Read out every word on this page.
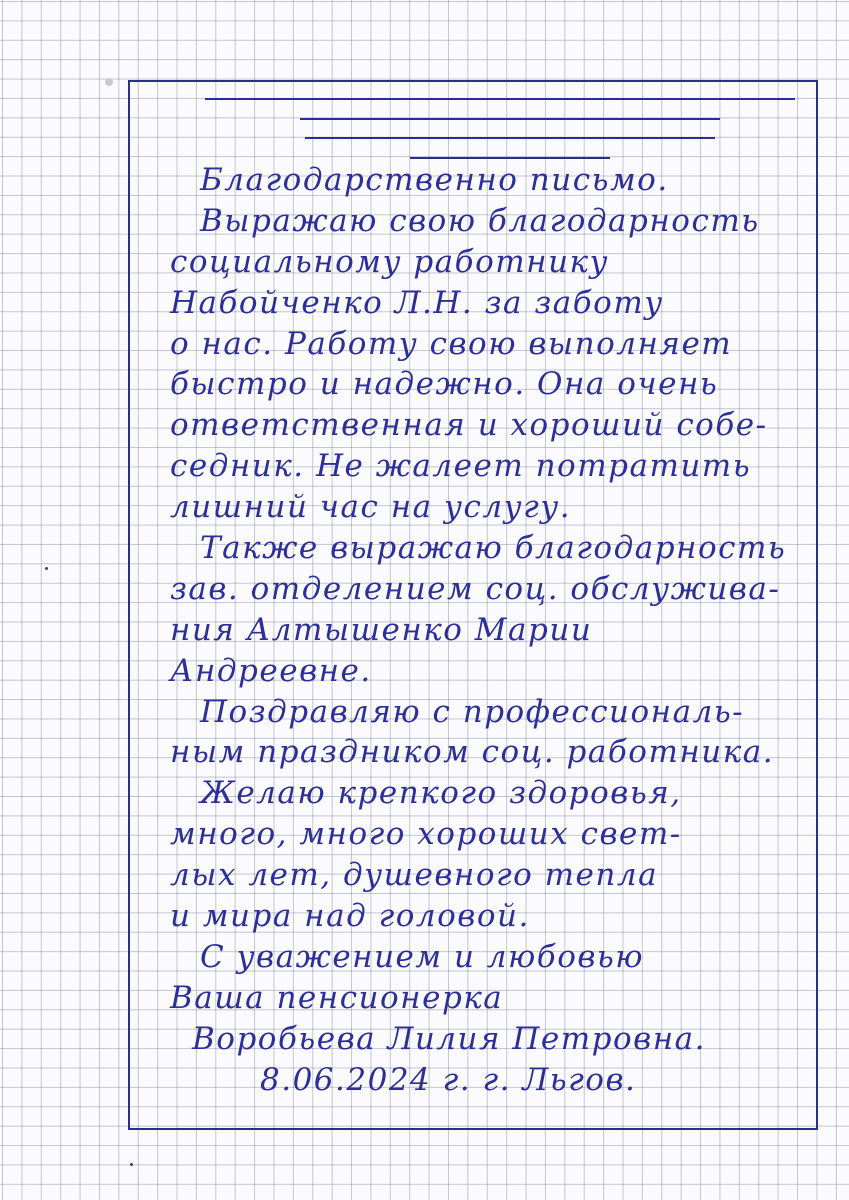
Благодарственно письмо.
Выражаю свою благодарность
социальному работнику
Набойченко Л.Н. за заботу
о нас. Работу свою выполняет
быстро и надежно. Она очень
ответственная и хороший собе-
седник. Не жалеет потратить
лишний час на услугу.
Также выражаю благодарность
зав. отделением соц. обслужива-
ния Алтышенко Марии
Андреевне.
Поздравляю с профессиональ-
ным праздником соц. работника.
Желаю крепкого здоровья,
много, много хороших свет-
лых лет, душевного тепла
и мира над головой.
С уважением и любовью
Ваша пенсионерка
Воробьева Лилия Петровна.
8.06.2024 г. г. Льгов.
